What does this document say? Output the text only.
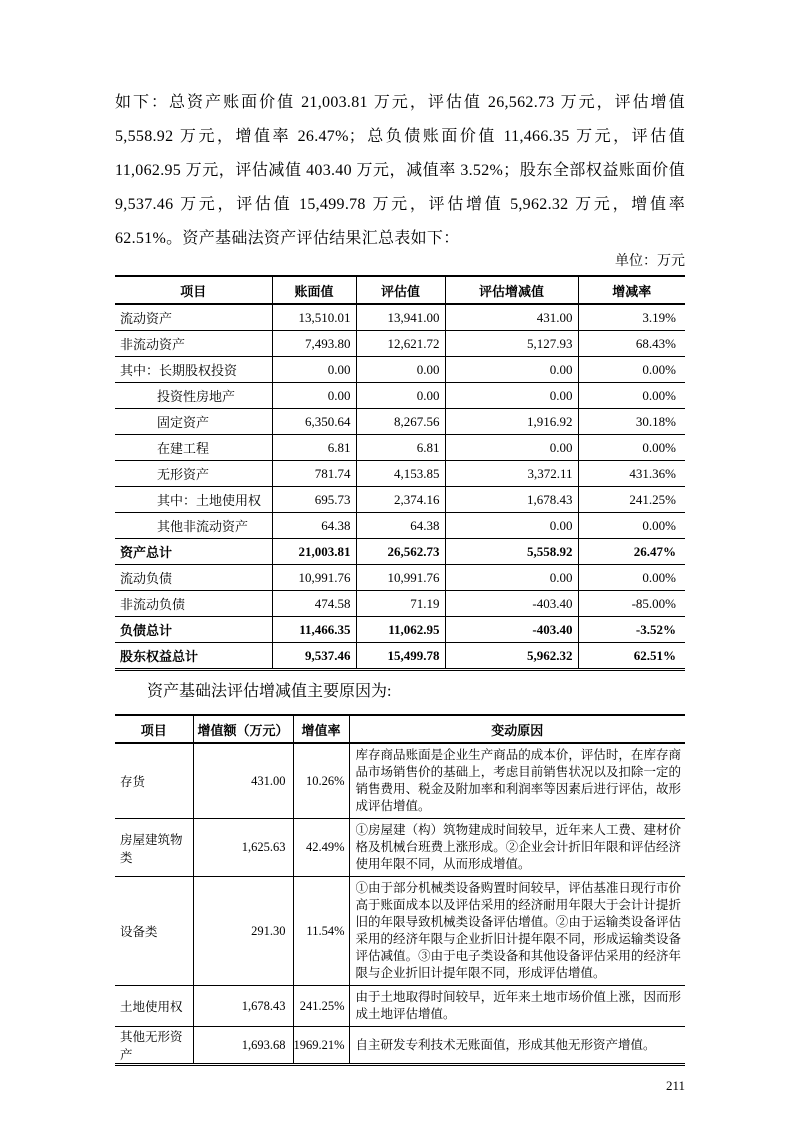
如下：总资产账面价值 21,003.81 万元，评估值 26,562.73 万元，评估增值 5,558.92 万元，增值率 26.47%；总负债账面价值 11,466.35 万元，评估值 11,062.95 万元，评估减值 403.40 万元，减值率 3.52%；股东全部权益账面价值 9,537.46 万元，评估值 15,499.78 万元，评估增值 5,962.32 万元，增值率 62.51%。资产基础法资产评估结果汇总表如下：

单位：万元
项目	账面值	评估值	评估增减值	增减率
流动资产	13,510.01	13,941.00	431.00	3.19%
非流动资产	7,493.80	12,621.72	5,127.93	68.43%
其中：长期股权投资	0.00	0.00	0.00	0.00%
投资性房地产	0.00	0.00	0.00	0.00%
固定资产	6,350.64	8,267.56	1,916.92	30.18%
在建工程	6.81	6.81	0.00	0.00%
无形资产	781.74	4,153.85	3,372.11	431.36%
其中：土地使用权	695.73	2,374.16	1,678.43	241.25%
其他非流动资产	64.38	64.38	0.00	0.00%
资产总计	21,003.81	26,562.73	5,558.92	26.47%
流动负债	10,991.76	10,991.76	0.00	0.00%
非流动负债	474.58	71.19	-403.40	-85.00%
负债总计	11,466.35	11,062.95	-403.40	-3.52%
股东权益总计	9,537.46	15,499.78	5,962.32	62.51%

资产基础法评估增减值主要原因为:

项目	增值额（万元）	增值率	变动原因
存货	431.00	10.26%	库存商品账面是企业生产商品的成本价，评估时，在库存商品市场销售价的基础上，考虑目前销售状况以及扣除一定的销售费用、税金及附加率和利润率等因素后进行评估，故形成评估增值。
房屋建筑物类	1,625.63	42.49%	①房屋建（构）筑物建成时间较早，近年来人工费、建材价格及机械台班费上涨形成。②企业会计折旧年限和评估经济使用年限不同，从而形成增值。
设备类	291.30	11.54%	①由于部分机械类设备购置时间较早，评估基准日现行市价高于账面成本以及评估采用的经济耐用年限大于会计计提折旧的年限导致机械类设备评估增值。②由于运输类设备评估采用的经济年限与企业折旧计提年限不同，形成运输类设备评估减值。③由于电子类设备和其他设备评估采用的经济年限与企业折旧计提年限不同，形成评估增值。
土地使用权	1,678.43	241.25%	由于土地取得时间较早，近年来土地市场价值上涨，因而形成土地评估增值。
其他无形资产	1,693.68	1969.21%	自主研发专利技术无账面值，形成其他无形资产增值。
211
